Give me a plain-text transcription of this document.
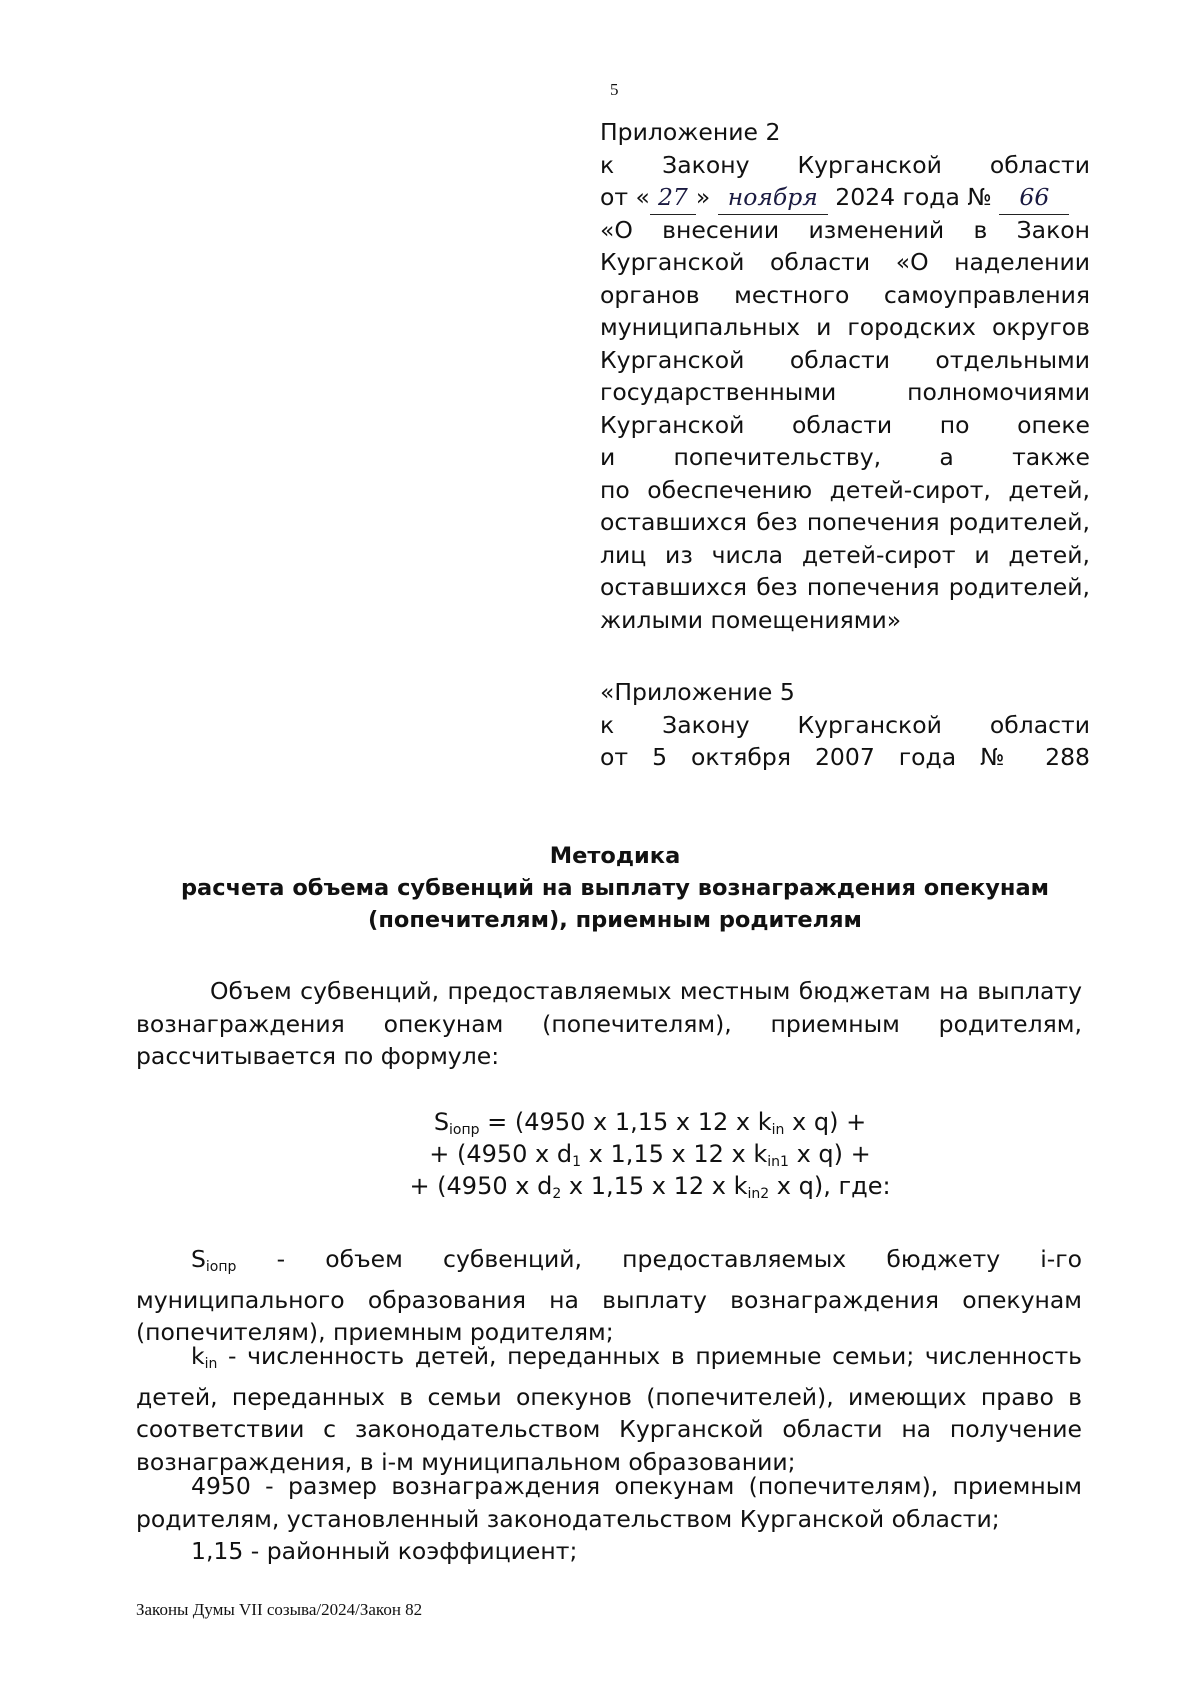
5
Приложение 2
к Закону Курганской области
от « 27 » ноября 2024 года № 66
«О внесении изменений в Закон
Курганской области «О наделении
органов местного самоуправления
муниципальных и городских округов
Курганской области отдельными
государственными полномочиями
Курганской области по опеке
и попечительству, а также
по обеспечению детей-сирот, детей,
оставшихся без попечения родителей,
лиц из числа детей-сирот и детей,
оставшихся без попечения родителей,
жилыми помещениями»
«Приложение 5
к Закону Курганской области
от 5 октября 2007 года № 288
Методика
расчета объема субвенций на выплату вознаграждения опекунам
(попечителям), приемным родителям
Объем субвенций, предоставляемых местным бюджетам на выплату вознаграждения опекунам (попечителям), приемным родителям, рассчитывается по формуле:
$S_{iопр} = (4950$ x 1,15 x 12 x $k_{in}$ x q) +
+ (4950 x $d_1$ x 1,15 x 12 x $k_{in1}$ x q) +
+ (4950 x $d_2$ x 1,15 x 12 x $k_{in2}$ x q), где:
$S_{iопр}$ - объем субвенций, предоставляемых бюджету i-го муниципального образования на выплату вознаграждения опекунам (попечителям), приемным родителям;
$k_{in}$ - численность детей, переданных в приемные семьи; численность детей, переданных в семьи опекунов (попечителей), имеющих право в соответствии с законодательством Курганской области на получение вознаграждения, в i-м муниципальном образовании;
4950 - размер вознаграждения опекунам (попечителям), приемным родителям, установленный законодательством Курганской области;
1,15 - районный коэффициент;
Законы Думы VII созыва/2024/Закон 82
